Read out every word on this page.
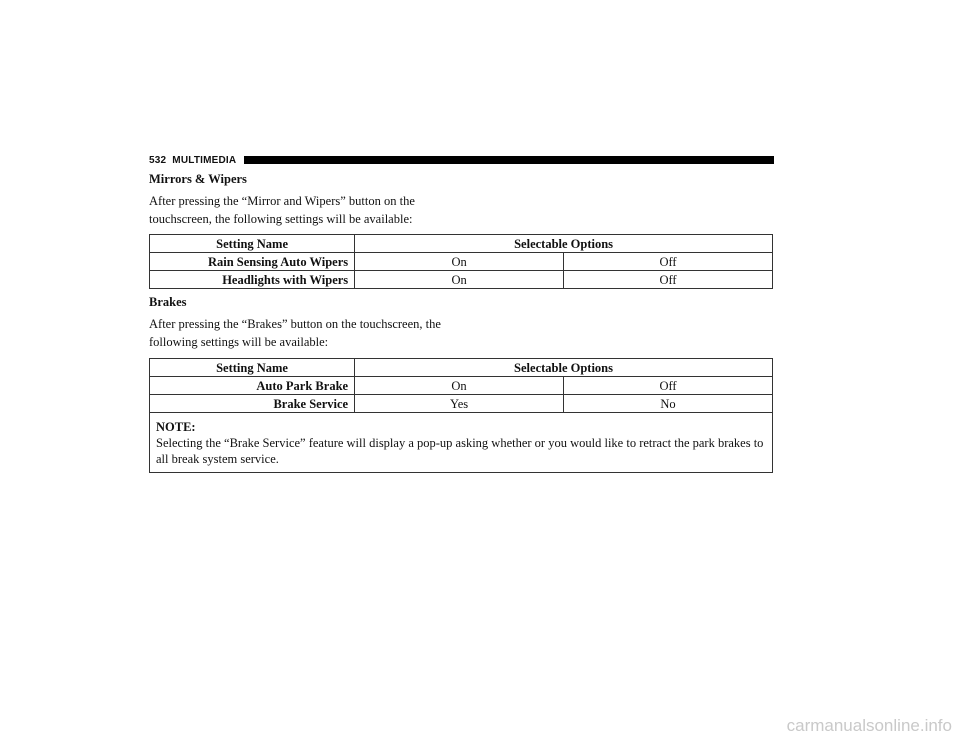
532 MULTIMEDIA
Mirrors & Wipers
After pressing the “Mirror and Wipers” button on the touchscreen, the following settings will be available:
Setting Name	Selectable Options	
Rain Sensing Auto Wipers	On	Off
Headlights with Wipers	On	Off
Brakes
After pressing the “Brakes” button on the touchscreen, the following settings will be available:
Setting Name	Selectable Options	
Auto Park Brake	On	Off
Brake Service	Yes	No

NOTE:
Selecting the “Brake Service” feature will display a pop-up asking whether or you would like to retract the park brakes to all break system service.		
carmanualsonline.info
